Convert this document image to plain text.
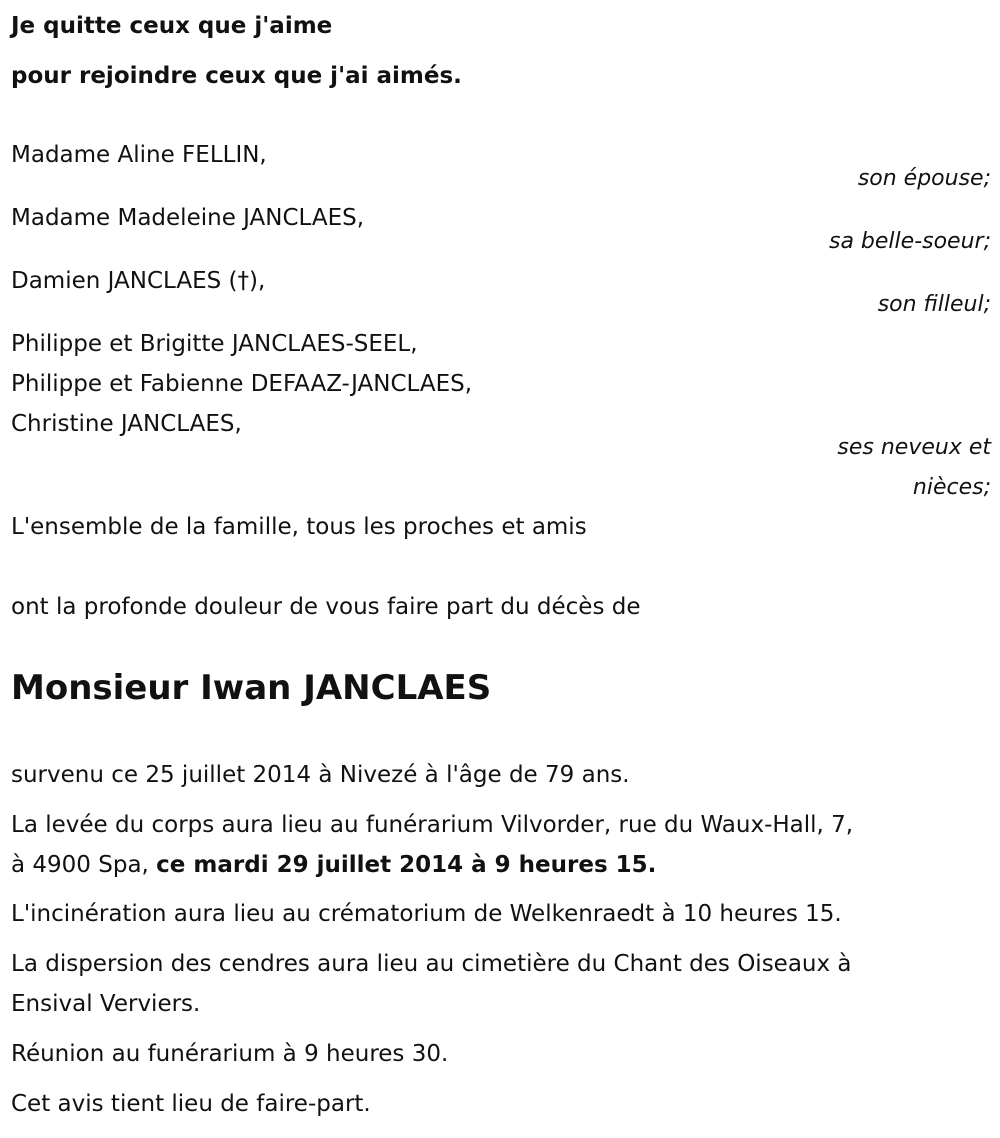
Je quitte ceux que j'aime
pour rejoindre ceux que j'ai aimés.
Madame Aline FELLIN,
son épouse;
Madame Madeleine JANCLAES,
sa belle-soeur;
Damien JANCLAES (†),
son filleul;
Philippe et Brigitte JANCLAES-SEEL,
Philippe et Fabienne DEFAAZ-JANCLAES,
Christine JANCLAES,
ses neveux et
nièces;
L'ensemble de la famille, tous les proches et amis
ont la profonde douleur de vous faire part du décès de
Monsieur Iwan JANCLAES
survenu ce 25 juillet 2014 à Nivezé à l'âge de 79 ans.
La levée du corps aura lieu au funérarium Vilvorder, rue du Waux-Hall, 7,
à 4900 Spa, ce mardi 29 juillet 2014 à 9 heures 15.
L'incinération aura lieu au crématorium de Welkenraedt à 10 heures 15.
La dispersion des cendres aura lieu au cimetière du Chant des Oiseaux à
Ensival Verviers.
Réunion au funérarium à 9 heures 30.
Cet avis tient lieu de faire-part.
